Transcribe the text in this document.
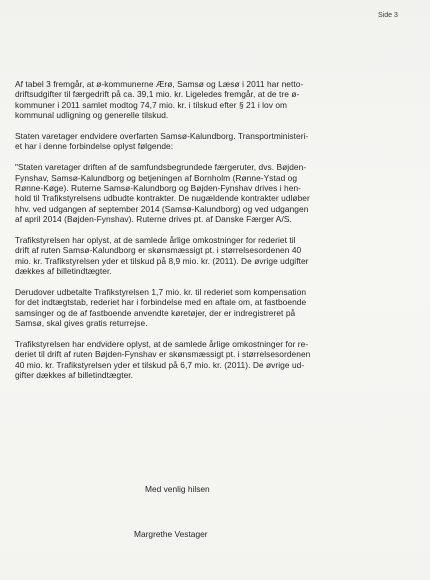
Side 3

Af tabel 3 fremgår, at ø-kommunerne Ærø, Samsø og Læsø i 2011 har netto-
driftsudgifter til færgedrift på ca. 39,1 mio. kr. Ligeledes fremgår, at de tre ø-
kommuner i 2011 samlet modtog 74,7 mio. kr. i tilskud efter § 21 i lov om
kommunal udligning og generelle tilskud.

Staten varetager endvidere overfarten Samsø-Kalundborg. Transportministeri-
et har i denne forbindelse oplyst følgende:

"Staten varetager driften af de samfundsbegrundede færgeruter, dvs. Bøjden-
Fynshav, Samsø-Kalundborg og betjeningen af Bornholm (Rønne-Ystad og
Rønne-Køge). Ruterne Samsø-Kalundborg og Bøjden-Fynshav drives i hen-
hold til Trafikstyrelsens udbudte kontrakter. De nugældende kontrakter udløber
hhv. ved udgangen af september 2014 (Samsø-Kalundborg) og ved udgangen
af april 2014 (Bøjden-Fynshav). Ruterne drives pt. af Danske Færger A/S.

Trafikstyrelsen har oplyst, at de samlede årlige omkostninger for rederiet til
drift af ruten Samsø-Kalundborg er skønsmæssigt pt. i størrelsesordenen 40
mio. kr. Trafikstyrelsen yder et tilskud på 8,9 mio. kr. (2011). De øvrige udgifter
dækkes af billetindtægter.

Derudover udbetalte Trafikstyrelsen 1,7 mio. kr. til rederiet som kompensation
for det indtægtstab, rederiet har i forbindelse med en aftale om, at fastboende
samsinger og de af fastboende anvendte køretøjer, der er indregistreret på
Samsø, skal gives gratis returrejse.

Trafikstyrelsen har endvidere oplyst, at de samlede årlige omkostninger for re-
deriet til drift af ruten Bøjden-Fynshav er skønsmæssigt pt. i størrelsesordenen
40 mio. kr. Trafikstyrelsen yder et tilskud på 6,7 mio. kr. (2011). De øvrige ud-
gifter dækkes af billetindtægter.

Med venlig hilsen
Margrethe Vestager
